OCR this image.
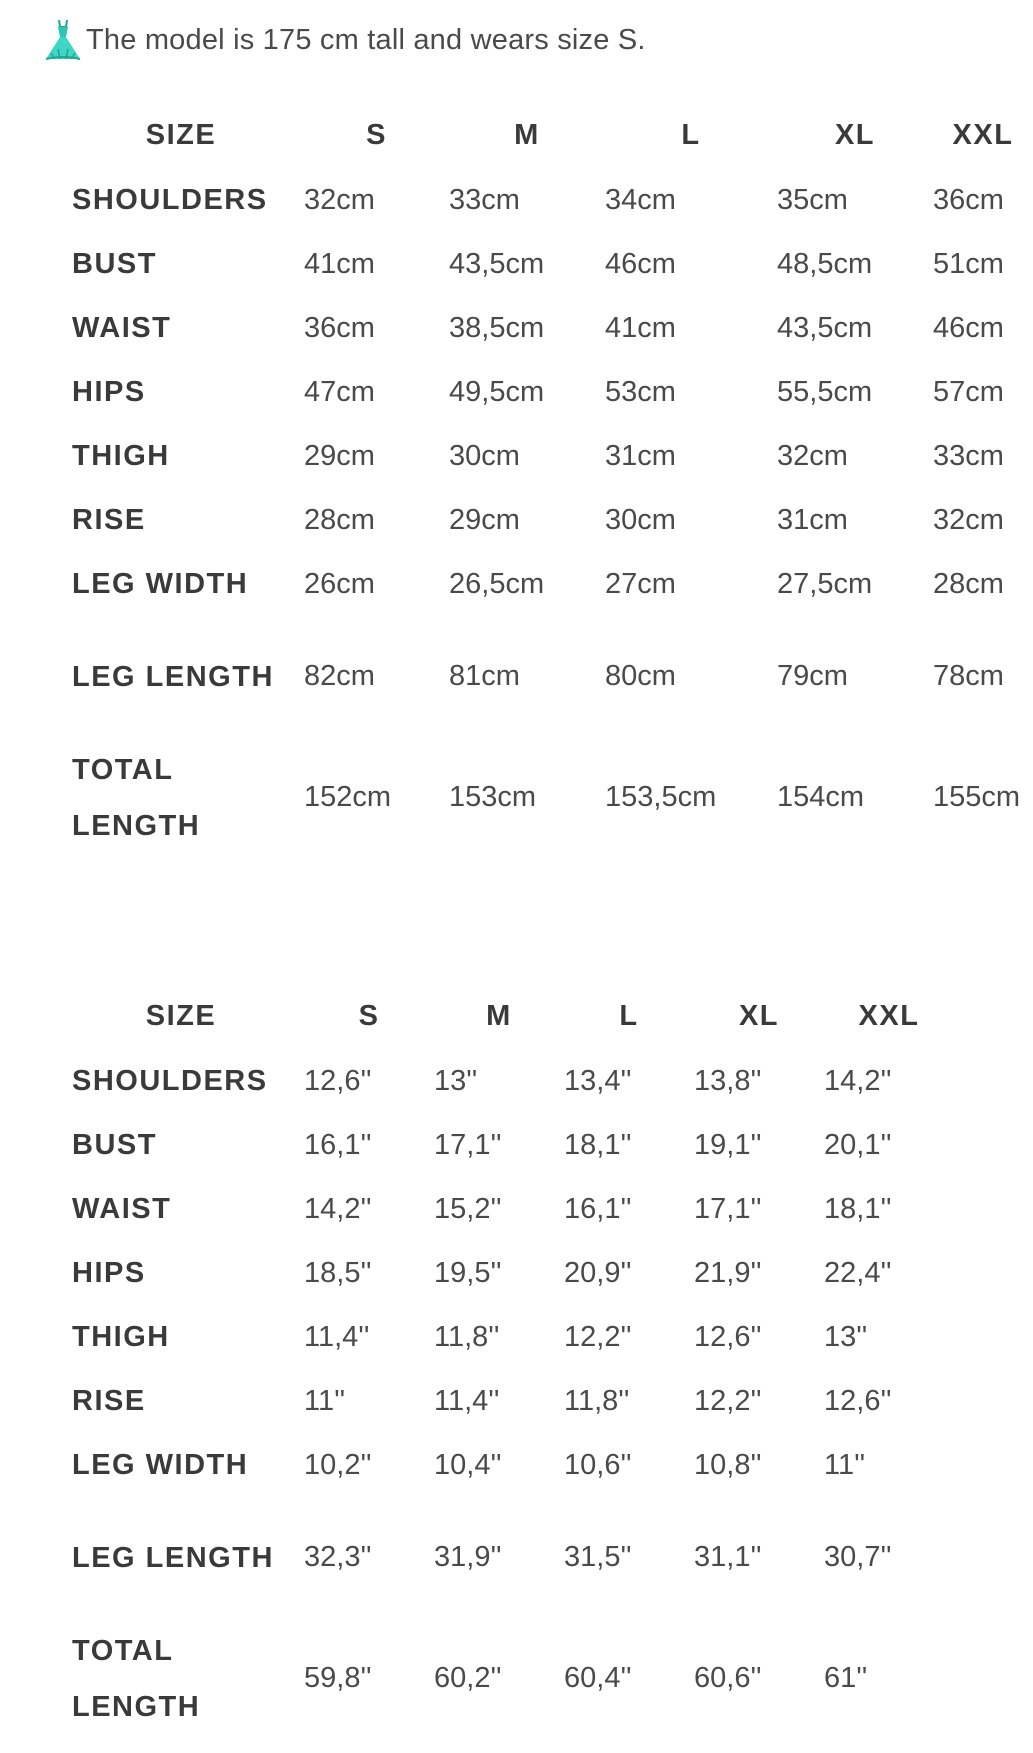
The model is 175 cm tall and wears size S.
SIZE	S	M	L	XL	XXL
SHOULDERS	32cm	33cm	34cm	35cm	36cm
BUST	41cm	43,5cm	46cm	48,5cm	51cm
WAIST	36cm	38,5cm	41cm	43,5cm	46cm
HIPS	47cm	49,5cm	53cm	55,5cm	57cm
THIGH	29cm	30cm	31cm	32cm	33cm
RISE	28cm	29cm	30cm	31cm	32cm
LEG WIDTH	26cm	26,5cm	27cm	27,5cm	28cm
LEG LENGTH	82cm	81cm	80cm	79cm	78cm
TOTAL LENGTH	152cm	153cm	153,5cm	154cm	155cm
SIZE	S	M	L	XL	XXL
SHOULDERS	12,6''	13''	13,4''	13,8''	14,2''
BUST	16,1''	17,1''	18,1''	19,1''	20,1''
WAIST	14,2''	15,2''	16,1''	17,1''	18,1''
HIPS	18,5''	19,5''	20,9''	21,9''	22,4''
THIGH	11,4''	11,8''	12,2''	12,6''	13''
RISE	11''	11,4''	11,8''	12,2''	12,6''
LEG WIDTH	10,2''	10,4''	10,6''	10,8''	11''
LEG LENGTH	32,3''	31,9''	31,5''	31,1''	30,7''
TOTAL LENGTH	59,8''	60,2''	60,4''	60,6''	61''
